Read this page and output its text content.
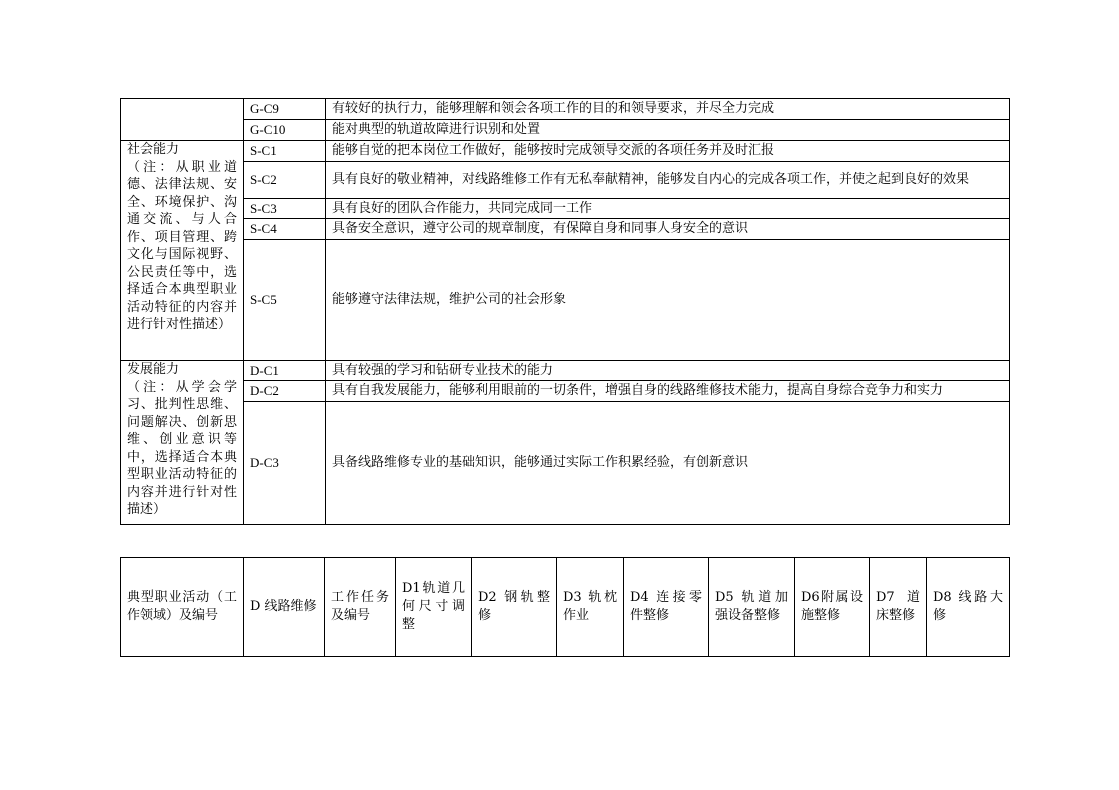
	G-C9	有较好的执行力，能够理解和领会各项工作的目的和领导要求，并尽全力完成
	G-C10	能对典型的轨道故障进行识别和处置
社会能力
（注：从职业道德、法律法规、安全、环境保护、沟通交流、与人合作、项目管理、跨文化与国际视野、公民责任等中，选择适合本典型职业活动特征的内容并进行针对性描述）	S-C1	能够自觉的把本岗位工作做好，能够按时完成领导交派的各项任务并及时汇报
	S-C2	具有良好的敬业精神，对线路维修工作有无私奉献精神，能够发自内心的完成各项工作，并使之起到良好的效果
	S-C3	具有良好的团队合作能力，共同完成同一工作
	S-C4	具备安全意识，遵守公司的规章制度，有保障自身和同事人身安全的意识
	S-C5	能够遵守法律法规，维护公司的社会形象
发展能力
（注：从学会学习、批判性思维、问题解决、创新思维、创业意识等中，选择适合本典型职业活动特征的内容并进行针对性描述）	D-C1	具有较强的学习和钻研专业技术的能力
	D-C2	具有自我发展能力，能够利用眼前的一切条件，增强自身的线路维修技术能力，提高自身综合竞争力和实力
	D-C3	具备线路维修专业的基础知识，能够通过实际工作积累经验，有创新意识
典型职业活动（工作领域）及编号	D 线路维修	工作任务及编号	D1轨道几何尺寸调整	D2 钢轨整修	D3 轨枕作业	D4 连接零件整修	D5 轨道加强设备整修	D6附属设施整修	D7 道床整修	D8 线路大修
